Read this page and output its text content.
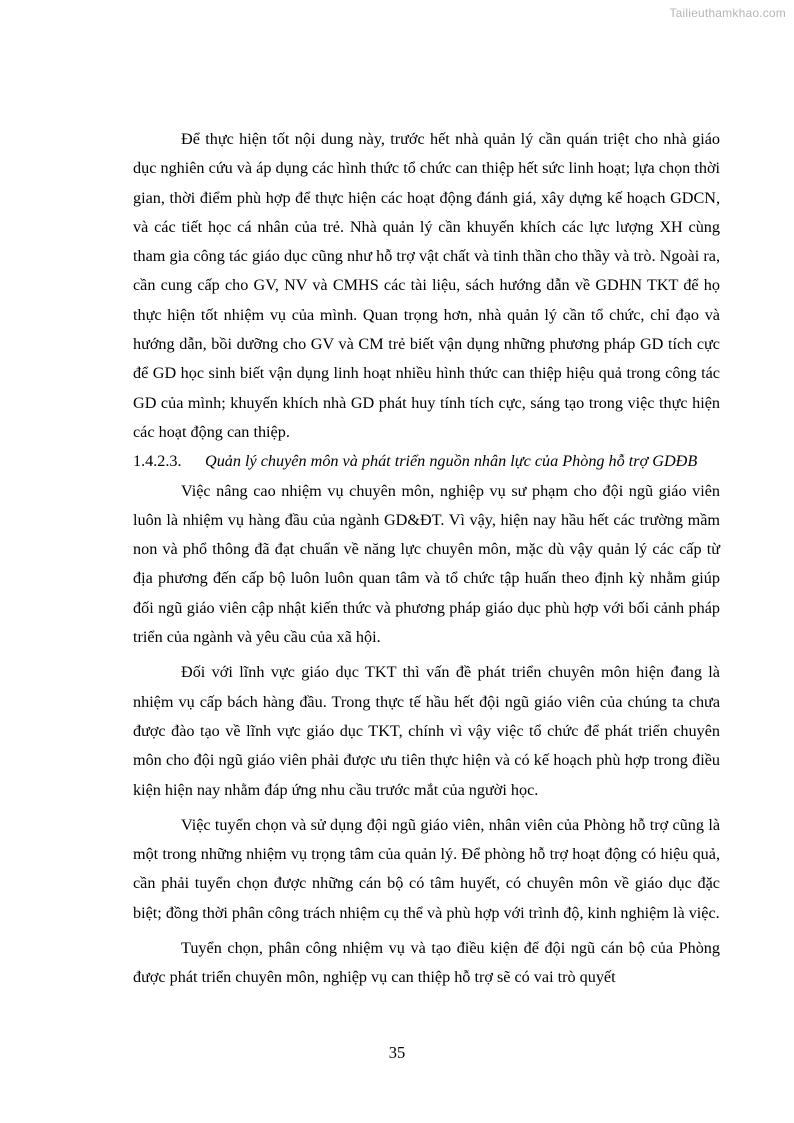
Tailieuthamkhao.com

Để thực hiện tốt nội dung này, trước hết nhà quản lý cần quán triệt cho nhà giáo dục nghiên cứu và áp dụng các hình thức tổ chức can thiệp hết sức linh hoạt; lựa chọn thời gian, thời điểm phù hợp để thực hiện các hoạt động đánh giá, xây dựng kế hoạch GDCN, và các tiết học cá nhân của trẻ. Nhà quản lý cần khuyến khích các lực lượng XH cùng tham gia công tác giáo dục cũng như hỗ trợ vật chất và tinh thần cho thầy và trò. Ngoài ra, cần cung cấp cho GV, NV và CMHS các tài liệu, sách hướng dẫn về GDHN TKT để họ thực hiện tốt nhiệm vụ của mình. Quan trọng hơn, nhà quản lý cần tổ chức, chỉ đạo và hướng dẫn, bồi dưỡng cho GV và CM trẻ biết vận dụng những phương pháp GD tích cực để GD học sinh biết vận dụng linh hoạt nhiều hình thức can thiệp hiệu quả trong công tác GD của mình; khuyến khích nhà GD phát huy tính tích cực, sáng tạo trong việc thực hiện các hoạt động can thiệp.

1.4.2.3.	Quản lý chuyên môn và phát triển nguồn nhân lực của Phòng hỗ trợ GDĐB

Việc nâng cao nhiệm vụ chuyên môn, nghiệp vụ sư phạm cho đội ngũ giáo viên luôn là nhiệm vụ hàng đầu của ngành GD&ĐT. Vì vậy, hiện nay hầu hết các trường mầm non và phổ thông đã đạt chuẩn về năng lực chuyên môn, mặc dù vậy quản lý các cấp từ địa phương đến cấp bộ luôn luôn quan tâm và tổ chức tập huấn theo định kỳ nhằm giúp đối ngũ giáo viên cập nhật kiến thức và phương pháp giáo dục phù hợp với bối cảnh pháp triển của ngành và yêu cầu của xã hội.

Đối với lĩnh vực giáo dục TKT thì vấn đề phát triển chuyên môn hiện đang là nhiệm vụ cấp bách hàng đầu. Trong thực tế hầu hết đội ngũ giáo viên của chúng ta chưa được đào tạo về lĩnh vực giáo dục TKT, chính vì vậy việc tổ chức để phát triển chuyên môn cho đội ngũ giáo viên phải được ưu tiên thực hiện và có kế hoạch phù hợp trong điều kiện hiện nay nhằm đáp ứng nhu cầu trước mắt của người học.

Việc tuyển chọn và sử dụng đội ngũ giáo viên, nhân viên của Phòng hỗ trợ cũng là một trong những nhiệm vụ trọng tâm của quản lý. Để phòng hỗ trợ hoạt động có hiệu quả, cần phải tuyển chọn được những cán bộ có tâm huyết, có chuyên môn về giáo dục đặc biệt; đồng thời phân công trách nhiệm cụ thể và phù hợp với trình độ, kinh nghiệm là việc.

Tuyển chọn, phân công nhiệm vụ và tạo điều kiện để đội ngũ cán bộ của Phòng được phát triển chuyên môn, nghiệp vụ can thiệp hỗ trợ sẽ có vai trò quyết

35
